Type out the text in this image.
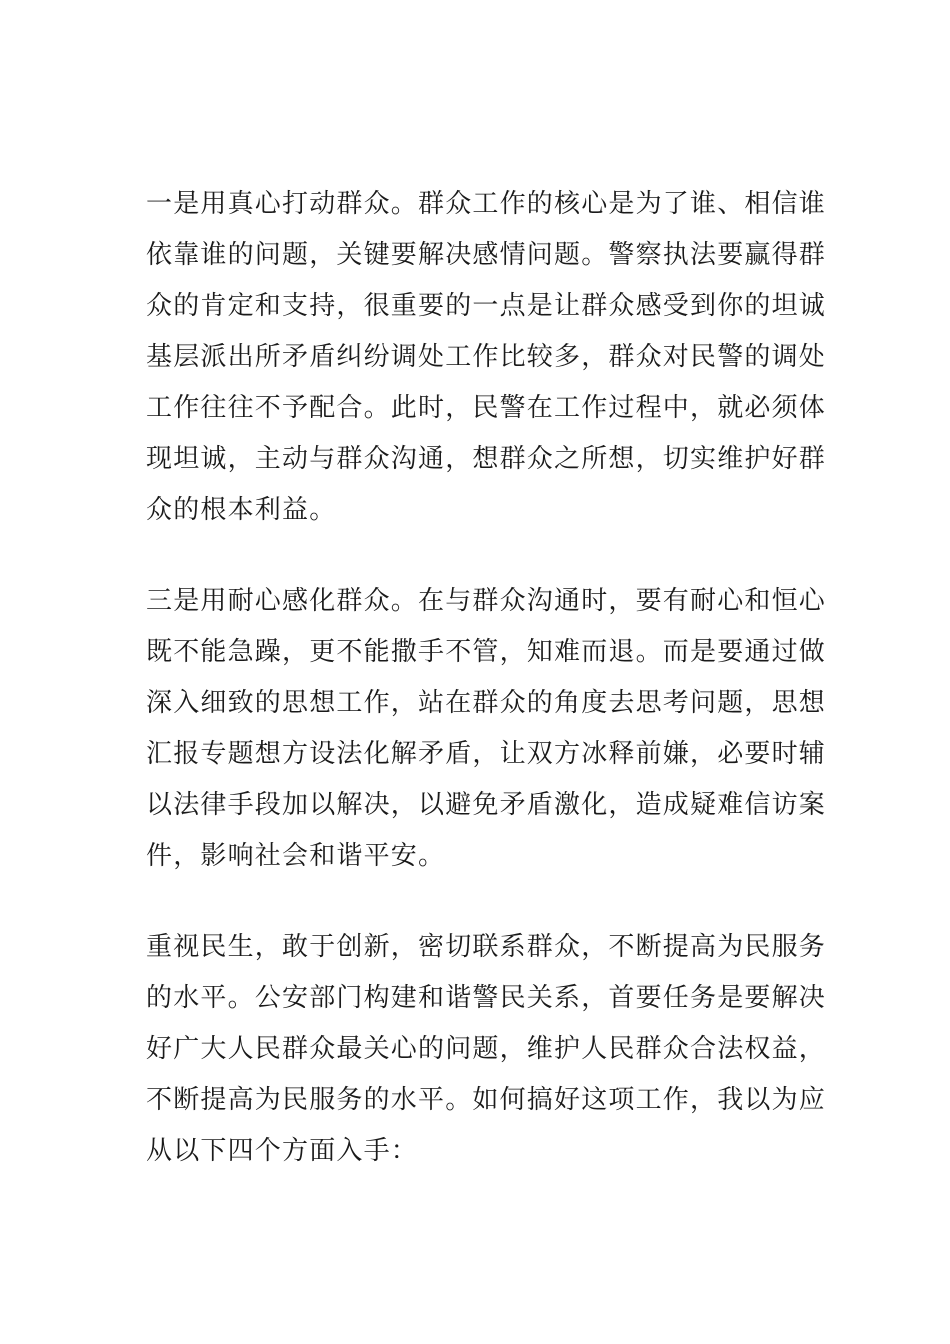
一是用真心打动群众。群众工作的核心是为了谁、相信谁
依靠谁的问题，关键要解决感情问题。警察执法要赢得群
众的肯定和支持，很重要的一点是让群众感受到你的坦诚
基层派出所矛盾纠纷调处工作比较多，群众对民警的调处
工作往往不予配合。此时，民警在工作过程中，就必须体
现坦诚，主动与群众沟通，想群众之所想，切实维护好群
众的根本利益。
三是用耐心感化群众。在与群众沟通时，要有耐心和恒心
既不能急躁，更不能撒手不管，知难而退。而是要通过做
深入细致的思想工作，站在群众的角度去思考问题，思想
汇报专题想方设法化解矛盾，让双方冰释前嫌，必要时辅
以法律手段加以解决，以避免矛盾激化，造成疑难信访案
件，影响社会和谐平安。
重视民生，敢于创新，密切联系群众，不断提高为民服务
的水平。公安部门构建和谐警民关系，首要任务是要解决
好广大人民群众最关心的问题，维护人民群众合法权益，
不断提高为民服务的水平。如何搞好这项工作，我以为应
从以下四个方面入手：
